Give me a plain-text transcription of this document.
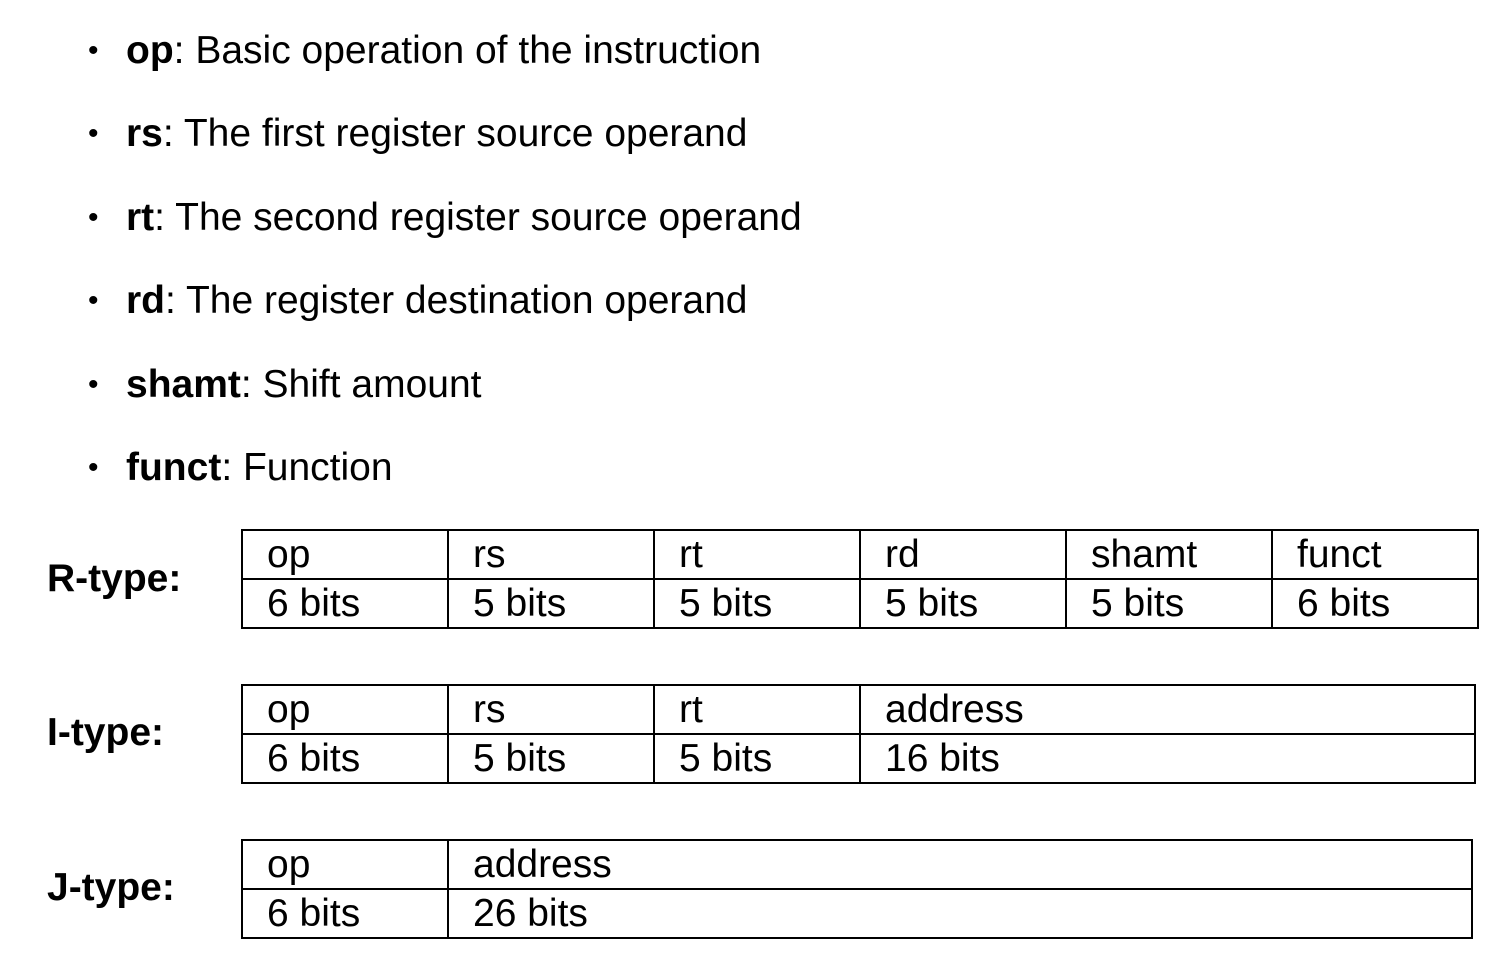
• op: Basic operation of the instruction
• rs: The first register source operand
• rt: The second register source operand
• rd: The register destination operand
• shamt: Shift amount
• funct: Function
R-type:
op	rs	rt	rd	shamt	funct
6 bits	5 bits	5 bits	5 bits	5 bits	6 bits
I-type:
op	rs	rt	address
6 bits	5 bits	5 bits	16 bits
J-type:
op	address
6 bits	26 bits
